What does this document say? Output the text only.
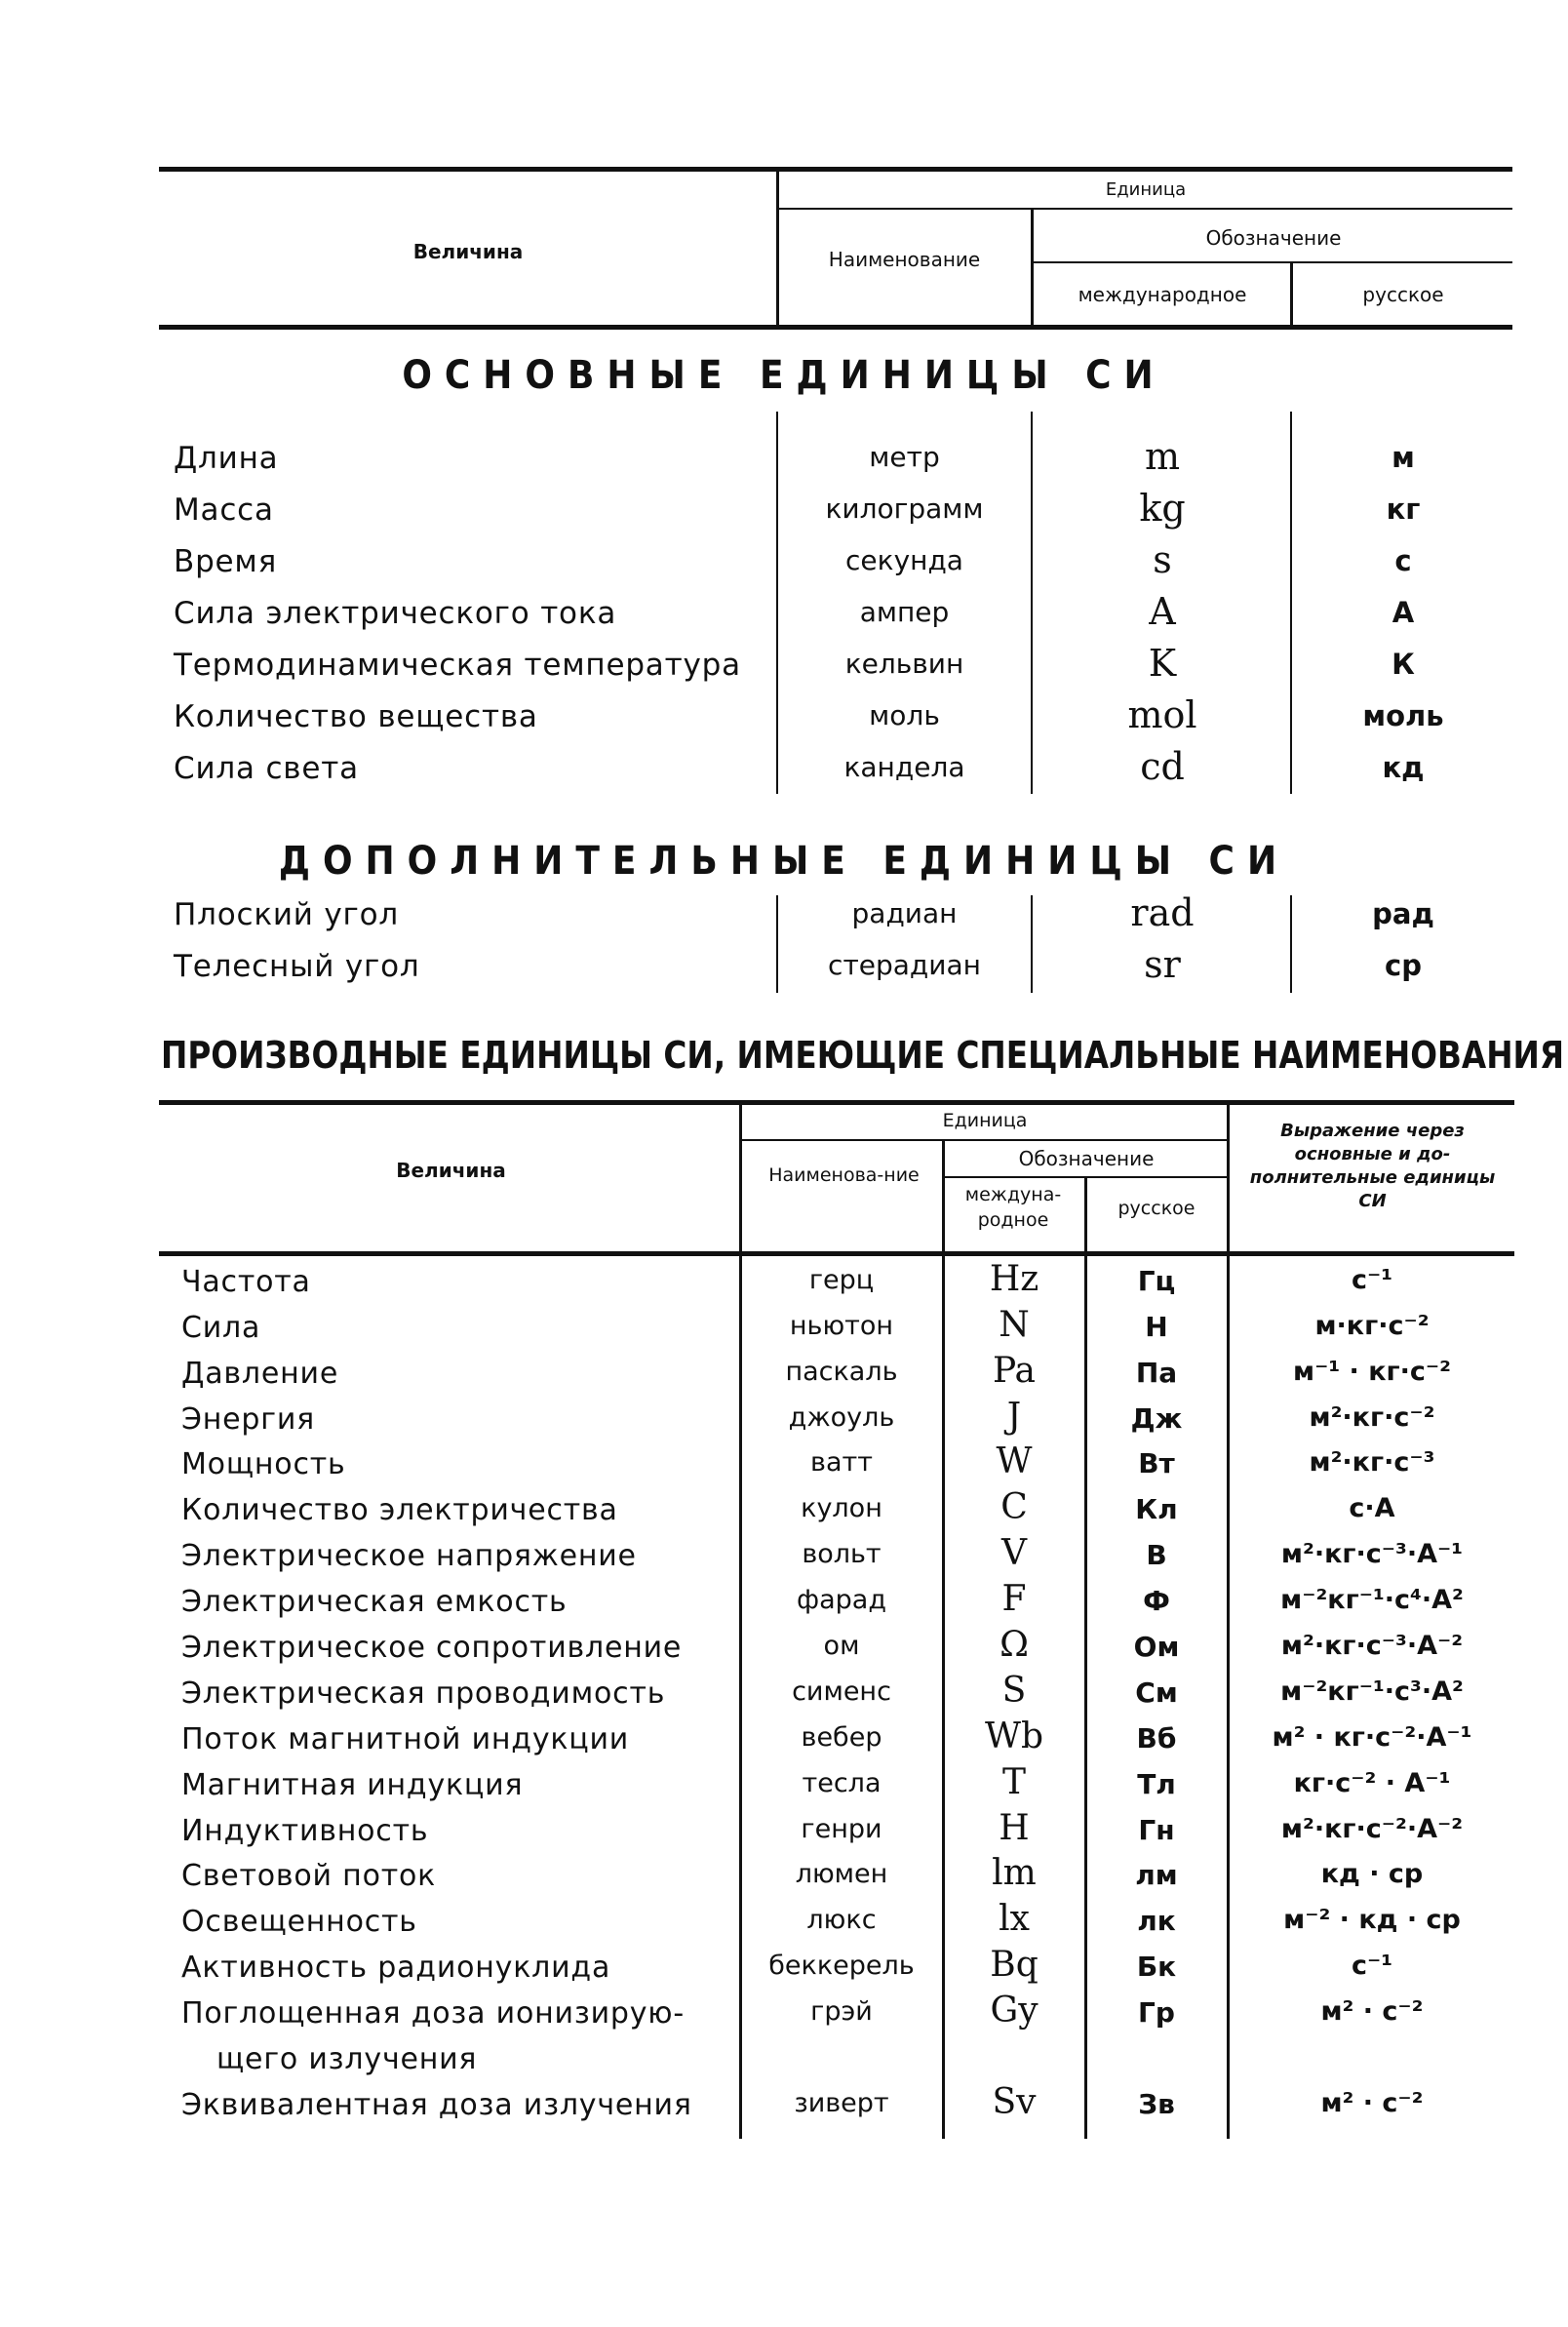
Величина
Единица
Наименование
Обозначение
международное	русское
ОСНОВНЫЕ ЕДИНИЦЫ СИ
Длина	метр	m	м
Масса	килограмм	kg	кг
Время	секунда	s	с
Сила электрического тока	ампер	A	А
Термодинамическая температура	кельвин	K	К
Количество вещества	моль	mol	моль
Сила света	кандела	cd	кд
ДОПОЛНИТЕЛЬНЫЕ ЕДИНИЦЫ СИ
Плоский угол	радиан	rad	рад
Телесный угол	стерадиан	sr	ср
ПРОИЗВОДНЫЕ ЕДИНИЦЫ СИ, ИМЕЮЩИЕ СПЕЦИАЛЬНЫЕ НАИМЕНОВАНИЯ
Величина
Единица
Наименова-ние
Обозначение
междуна-родное
русское
Выражение через основные и до-полнительные единицы СИ
Частота	герц	Hz	Гц	с⁻¹
Сила	ньютон	N	Н	м·кг·с⁻²
Давление	паскаль	Pa	Па	м⁻¹ · кг·с⁻²
Энергия	джоуль	J	Дж	м²·кг·с⁻²
Мощность	ватт	W	Вт	м²·кг·с⁻³
Количество электричества	кулон	C	Кл	с·А
Электрическое напряжение	вольт	V	В	м²·кг·с⁻³·А⁻¹
Электрическая емкость	фарад	F	Ф	м⁻²кг⁻¹·с⁴·А²
Электрическое сопротивление	ом	Ω	Ом	м²·кг·с⁻³·А⁻²
Электрическая проводимость	сименс	S	См	м⁻²кг⁻¹·с³·А²
Поток магнитной индукции	вебер	Wb	Вб	м² · кг·с⁻²·А⁻¹
Магнитная индукция	тесла	T	Тл	кг·с⁻² · А⁻¹
Индуктивность	генри	H	Гн	м²·кг·с⁻²·А⁻²
Световой поток	люмен	lm	лм	кд · ср
Освещенность	люкс	lx	лк	м⁻² · кд · ср
Активность радионуклида	беккерель	Bq	Бк	с⁻¹
Поглощенная доза ионизирую-
щего излучения
грэй	Gy	Гр	м² · с⁻²
Эквивалентная доза излучения	зиверт	Sv	Зв	м² · с⁻²
